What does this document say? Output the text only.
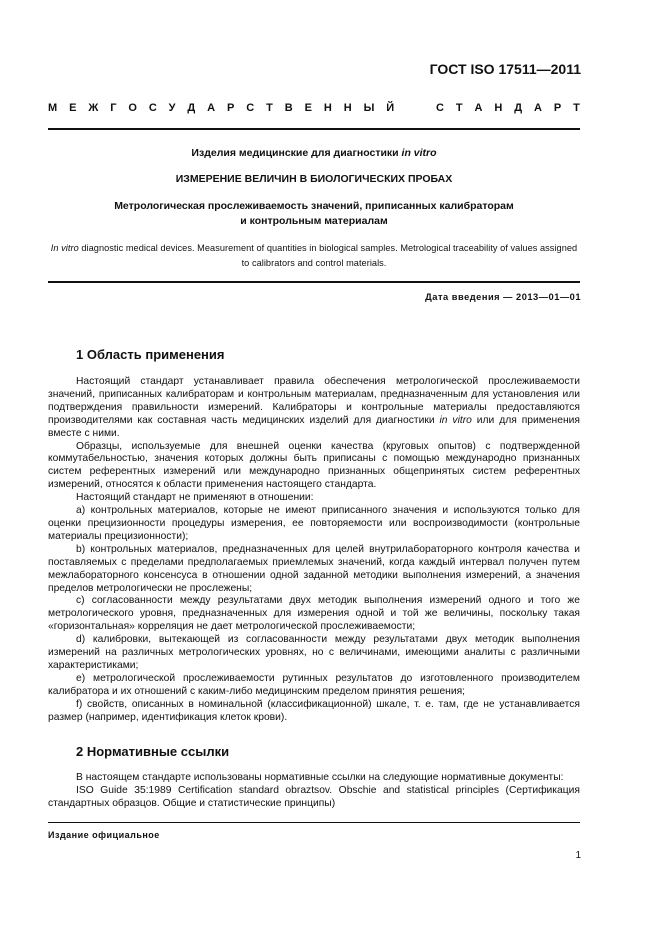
ГОСТ ISO 17511—2011
М Е Ж Г О С У Д А Р С Т В Е Н Н Ы Й

	С Т А Н Д А Р Т
Изделия медицинские для диагностики in vitro
ИЗМЕРЕНИЕ ВЕЛИЧИН В БИОЛОГИЧЕСКИХ ПРОБАХ
Метрологическая прослеживаемость значений, приписанных калибраторам
и контрольным материалам
In vitro diagnostic medical devices. Measurement of quantities in biological samples. Metrological traceability of values assigned to calibrators and control materials.
Дата введения — 2013—01—01
1 Область применения

Настоящий стандарт устанавливает правила обеспечения метрологической прослеживаемости значений, приписанных калибраторам и контрольным материалам, предназначенным для установления или подтверждения правильности измерений. Калибраторы и контрольные материалы предоставляются производителями как составная часть медицинских изделий для диагностики in vitro или для применения вместе с ними.

Образцы, используемые для внешней оценки качества (круговых опытов) с подтвержденной коммутабельностью, значения которых должны быть приписаны с помощью международно признанных систем референтных измерений или международно признанных общепринятых систем референтных измерений, относятся к области применения настоящего стандарта.

Настоящий стандарт не применяют в отношении:

a) контрольных материалов, которые не имеют приписанного значения и используются только для оценки прецизионности процедуры измерения, ее повторяемости или воспроизводимости (контрольные материалы прецизионности);

b) контрольных материалов, предназначенных для целей внутрилабораторного контроля качества и поставляемых с пределами предполагаемых приемлемых значений, когда каждый интервал получен путем межлабораторного консенсуса в отношении одной заданной методики выполнения измерений, а значения пределов метрологически не прослежены;

c) согласованности между результатами двух методик выполнения измерений одного и того же метрологического уровня, предназначенных для измерения одной и той же величины, поскольку такая «горизонтальная» корреляция не дает метрологической прослеживаемости;

d) калибровки, вытекающей из согласованности между результатами двух методик выполнения измерений на различных метрологических уровнях, но с величинами, имеющими аналиты с различными характеристиками;

e) метрологической прослеживаемости рутинных результатов до изготовленного производителем калибратора и их отношений с каким-либо медицинским пределом принятия решения;

f) свойств, описанных в номинальной (классификационной) шкале, т. е. там, где не устанавливается размер (например, идентификация клеток крови).

2 Нормативные ссылки

В настоящем стандарте использованы нормативные ссылки на следующие нормативные документы:

ISO Guide 35:1989 Certification standard obraztsov. Obschie and statistical principles (Сертификация стандартных образцов. Общие и статистические принципы)

Издание официальное
1
